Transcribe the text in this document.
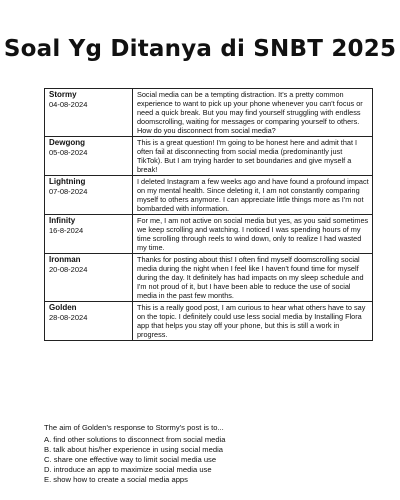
Soal Yg Ditanya di SNBT 2025
Stormy
04-08-2024	Social media can be a tempting distraction. It's a pretty common experience to want to pick up your phone whenever you can't focus or need a quick break. But you may find yourself struggling with endless doomscrolling, waiting for messages or comparing yourself to others. How do you disconnect from social media?

Dewgong
05-08-2024	This is a great question! I'm going to be honest here and admit that I often fail at disconnecting from social media (predominantly just TikTok). But I am trying harder to set boundaries and give myself a break!

Lightning
07-08-2024	I deleted Instagram a few weeks ago and have found a profound impact on my mental health. Since deleting it, I am not constantly comparing myself to others anymore. I can appreciate little things more as I'm not bombarded with information.

Infinity
16-8-2024	For me, I am not active on social media but yes, as you said sometimes we keep scrolling and watching. I noticed I was spending hours of my time scrolling through reels to wind down, only to realize I had wasted my time.

Ironman
20-08-2024	Thanks for posting about this! I often find myself doomscrolling social media during the night when I feel like I haven't found time for myself during the day. It definitely has had impacts on my sleep schedule and I'm not proud of it, but I have been able to reduce the use of social media in the past few months.

Golden
28-08-2024	This is a really good post, I am curious to hear what others have to say on the topic. I definitely could use less social media by Installing Flora app that helps you stay off your phone, but this is still a work in progress.
The aim of Golden's response to Stormy's post is to...
A. find other solutions to disconnect from social media
B. talk about his/her experience in using social media
C. share one effective way to limit social media use
D. introduce an app to maximize social media use
E. show how to create a social media apps
